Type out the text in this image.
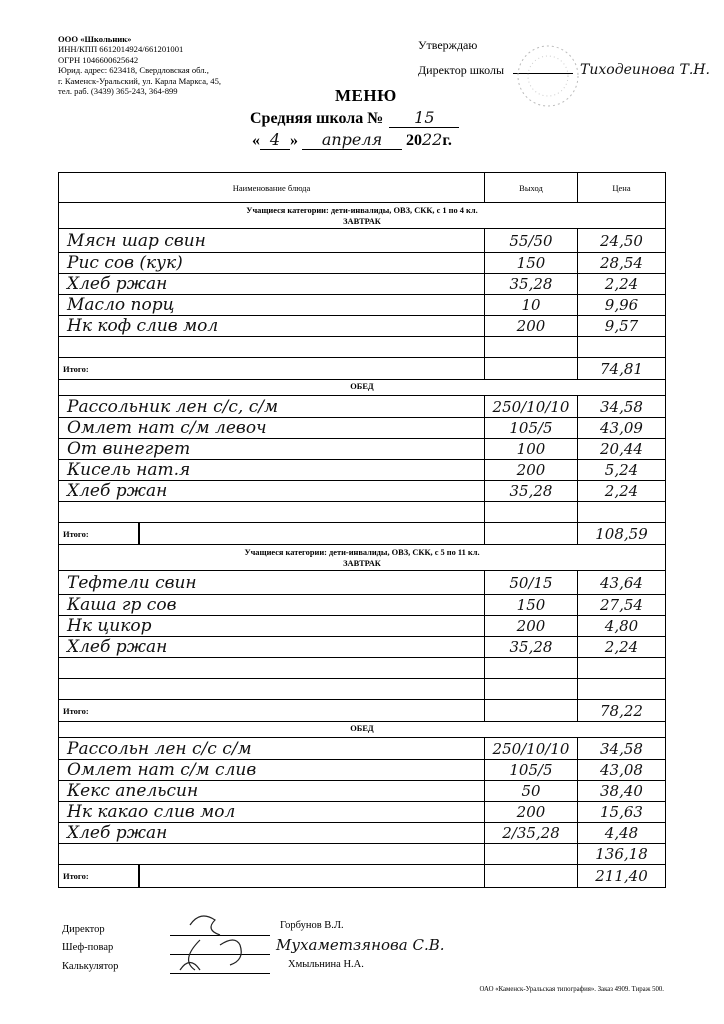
ООО «Школьник»
ИНН/КПП 6612014924/661201001
ОГРН 1046600625642
Юрид. адрес: 623418, Свердловская обл.,
г. Каменск-Уральский, ул. Карла Маркса, 45,
тел. раб. (3439) 365-243, 364-899
Утверждаю
Директор школы	Тиходеинова Т.Н.
МЕНЮ
Средняя школа № 15
« 4 » апреля 2022г.
Наименование блюда	Выход	Цена
Учащиеся категории: дети-инвалиды, ОВЗ, СКК, с 1 по 4 кл.
ЗАВТРАК
Мясн шар свин	55/50	24,50
Рис сов (кук)	150	28,54
Хлеб ржан	35,28	2,24
Масло порц	10	9,96
Нк коф слив мол	200	9,57
Итого:	74,81
ОБЕД
Рассольник лен с/с, с/м	250/10/10	34,58
Омлет нат с/м левоч	105/5	43,09
От винегрет	100	20,44
Кисель нат.я	200	5,24
Хлеб ржан	35,28	2,24
Итого:	108,59
Учащиеся категории: дети-инвалиды, ОВЗ, СКК, с 5 по 11 кл.
ЗАВТРАК
Тефтели свин	50/15	43,64
Каша гр сов	150	27,54
Нк цикор	200	4,80
Хлеб ржан	35,28	2,24
Итого:	78,22
ОБЕД
Рассольн лен с/с с/м	250/10/10	34,58
Омлет нат с/м слив	105/5	43,08
Кекс апельсин	50	38,40
Нк какао слив мол	200	15,63
Хлеб ржан	2/35,28	4,48
136,18
Итого:	211,40
Директор
Шеф-повар
Калькулятор
Горбунов В.Л.
Мухаметзянова С.В.
Хмыльнина Н.А.
ОАО «Каменск-Уральская типография». Заказ 4909. Тираж 500.
